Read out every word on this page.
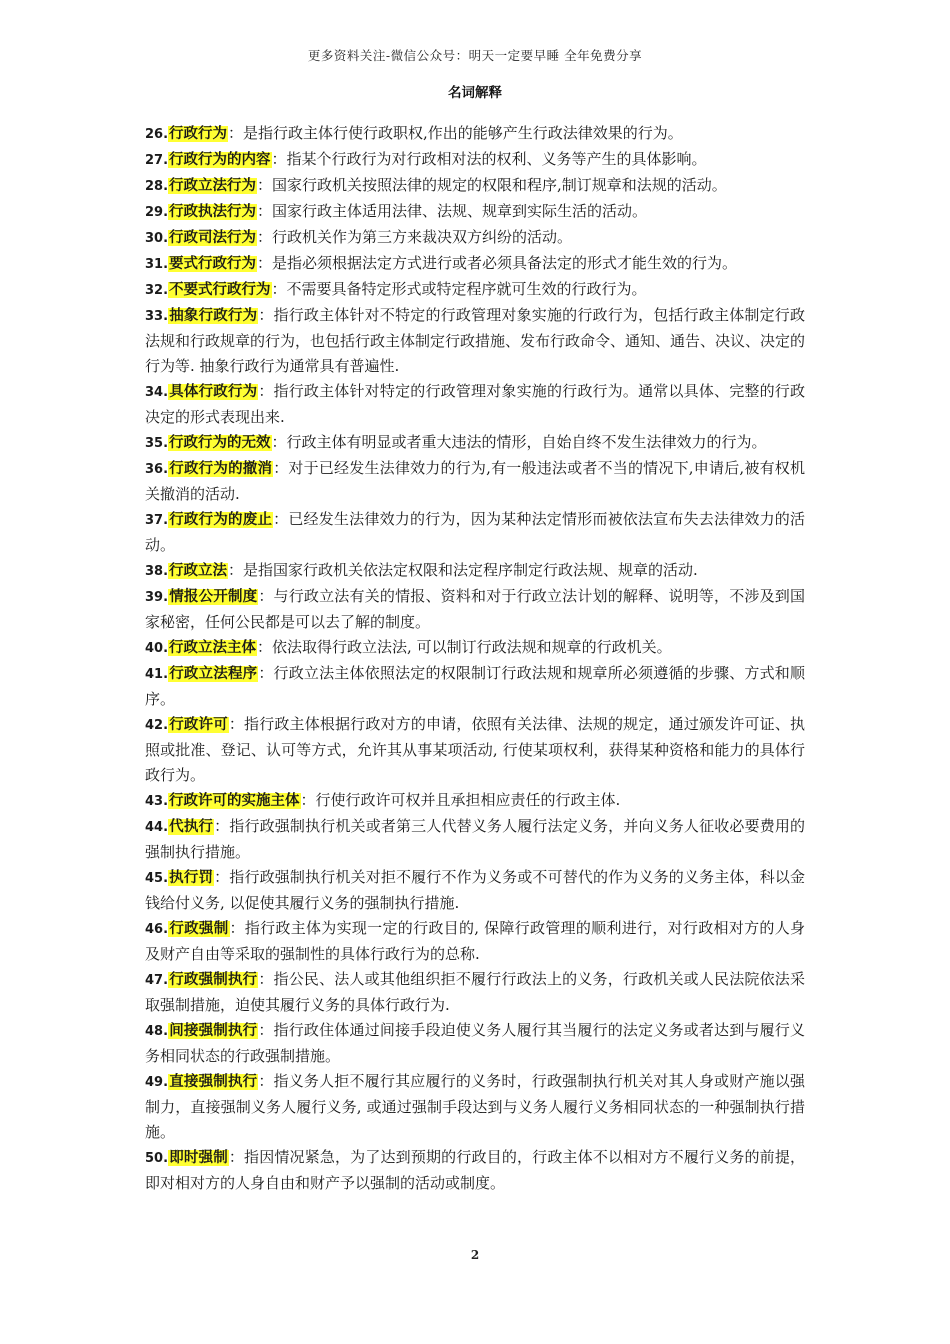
更多资料关注-微信公众号：明天一定要早睡 全年免费分享
名词解释

26.行政行为：是指行政主体行使行政职权,作出的能够产生行政法律效果的行为。

27.行政行为的内容：指某个行政行为对行政相对法的权利、义务等产生的具体影响。

28.行政立法行为：国家行政机关按照法律的规定的权限和程序,制订规章和法规的活动。

29.行政执法行为：国家行政主体适用法律、法规、规章到实际生活的活动。

30.行政司法行为：行政机关作为第三方来裁决双方纠纷的活动。

31.要式行政行为：是指必须根据法定方式进行或者必须具备法定的形式才能生效的行为。

32.不要式行政行为：不需要具备特定形式或特定程序就可生效的行政行为。

33.抽象行政行为：指行政主体针对不特定的行政管理对象实施的行政行为，包括行政主体制定行政法规和行政规章的行为，也包括行政主体制定行政措施、发布行政命令、通知、通告、决议、决定的行为等. 抽象行政行为通常具有普遍性.

34.具体行政行为：指行政主体针对特定的行政管理对象实施的行政行为。通常以具体、完整的行政决定的形式表现出来.

35.行政行为的无效：行政主体有明显或者重大违法的情形，自始自终不发生法律效力的行为。

36.行政行为的撤消：对于已经发生法律效力的行为,有一般违法或者不当的情况下,申请后,被有权机关撤消的活动.

37.行政行为的废止：已经发生法律效力的行为，因为某种法定情形而被依法宣布失去法律效力的活动。

38.行政立法：是指国家行政机关依法定权限和法定程序制定行政法规、规章的活动.

39.情报公开制度：与行政立法有关的情报、资料和对于行政立法计划的解释、说明等，不涉及到国家秘密，任何公民都是可以去了解的制度。

40.行政立法主体：依法取得行政立法法, 可以制订行政法规和规章的行政机关。

41.行政立法程序：行政立法主体依照法定的权限制订行政法规和规章所必须遵循的步骤、方式和顺序。

42.行政许可：指行政主体根据行政对方的申请，依照有关法律、法规的规定，通过颁发许可证、执照或批准、登记、认可等方式，允许其从事某项活动, 行使某项权利，获得某种资格和能力的具体行政行为。

43.行政许可的实施主体：行使行政许可权并且承担相应责任的行政主体.

44.代执行：指行政强制执行机关或者第三人代替义务人履行法定义务，并向义务人征收必要费用的强制执行措施。

45.执行罚：指行政强制执行机关对拒不履行不作为义务或不可替代的作为义务的义务主体，科以金钱给付义务, 以促使其履行义务的强制执行措施.

46.行政强制：指行政主体为实现一定的行政目的, 保障行政管理的顺利进行，对行政相对方的人身及财产自由等采取的强制性的具体行政行为的总称.

47.行政强制执行：指公民、法人或其他组织拒不履行行政法上的义务，行政机关或人民法院依法采取强制措施，迫使其履行义务的具体行政行为.

48.间接强制执行：指行政住体通过间接手段迫使义务人履行其当履行的法定义务或者达到与履行义务相同状态的行政强制措施。

49.直接强制执行：指义务人拒不履行其应履行的义务时，行政强制执行机关对其人身或财产施以强制力，直接强制义务人履行义务, 或通过强制手段达到与义务人履行义务相同状态的一种强制执行措施。

50.即时强制：指因情况紧急，为了达到预期的行政目的，行政主体不以相对方不履行义务的前提，即对相对方的人身自由和财产予以强制的活动或制度。

2
